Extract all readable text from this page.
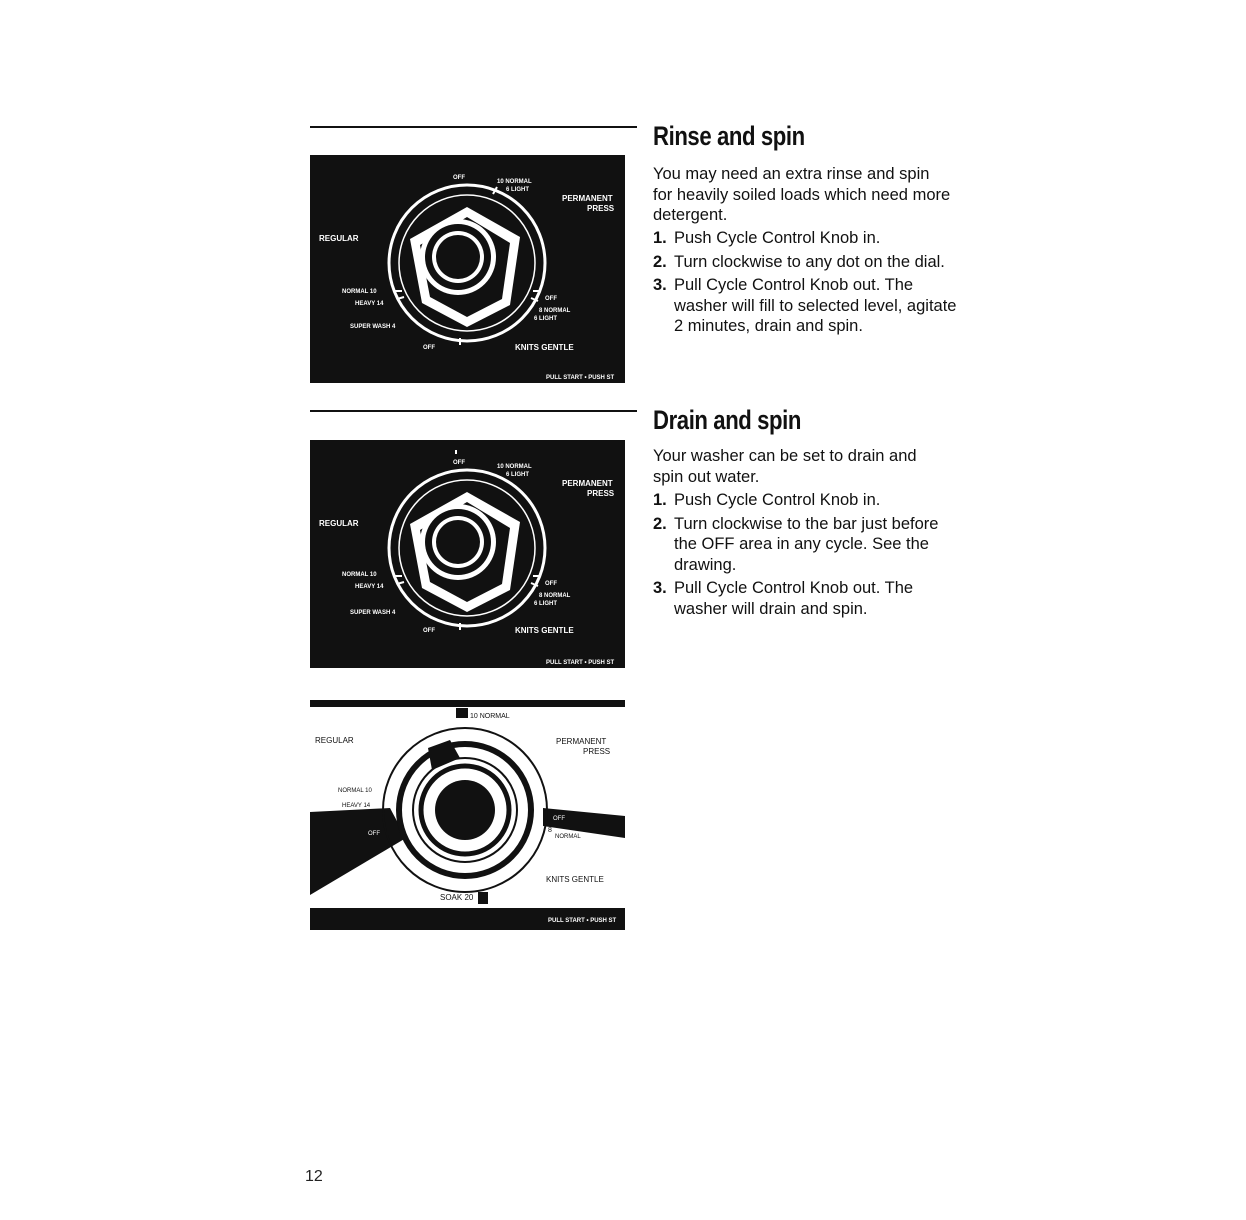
OFF
10 NORMAL
6 LIGHT
PERMANENT
PRESS
REGULAR
NORMAL 10
HEAVY 14
SUPER WASH 4
OFF
8 NORMAL
6 LIGHT
OFF	KNITS GENTLE
PULL START • PUSH ST
OFF
10 NORMAL
6 LIGHT
PERMANENT
PRESS
REGULAR
NORMAL 10
HEAVY 14
SUPER WASH 4
OFF
8 NORMAL
6 LIGHT
OFF	KNITS GENTLE
PULL START • PUSH ST
10 NORMAL
REGULAR	PERMANENT
PRESS
NORMAL 10
HEAVY 14
OFF
OFF
8
NORMAL
KNITS GENTLE
SOAK 20
PULL START • PUSH ST
Rinse and spin

You may need an extra rinse and spin for heavily soiled loads which need more detergent.

1. Push Cycle Control Knob in.
2. Turn clockwise to any dot on the dial.
3. Pull Cycle Control Knob out. The washer will fill to selected level, agitate 2 minutes, drain and spin.
Drain and spin

Your washer can be set to drain and spin out water.

1. Push Cycle Control Knob in.
2. Turn clockwise to the bar just before the OFF area in any cycle. See the drawing.
3. Pull Cycle Control Knob out. The washer will drain and spin.
12
